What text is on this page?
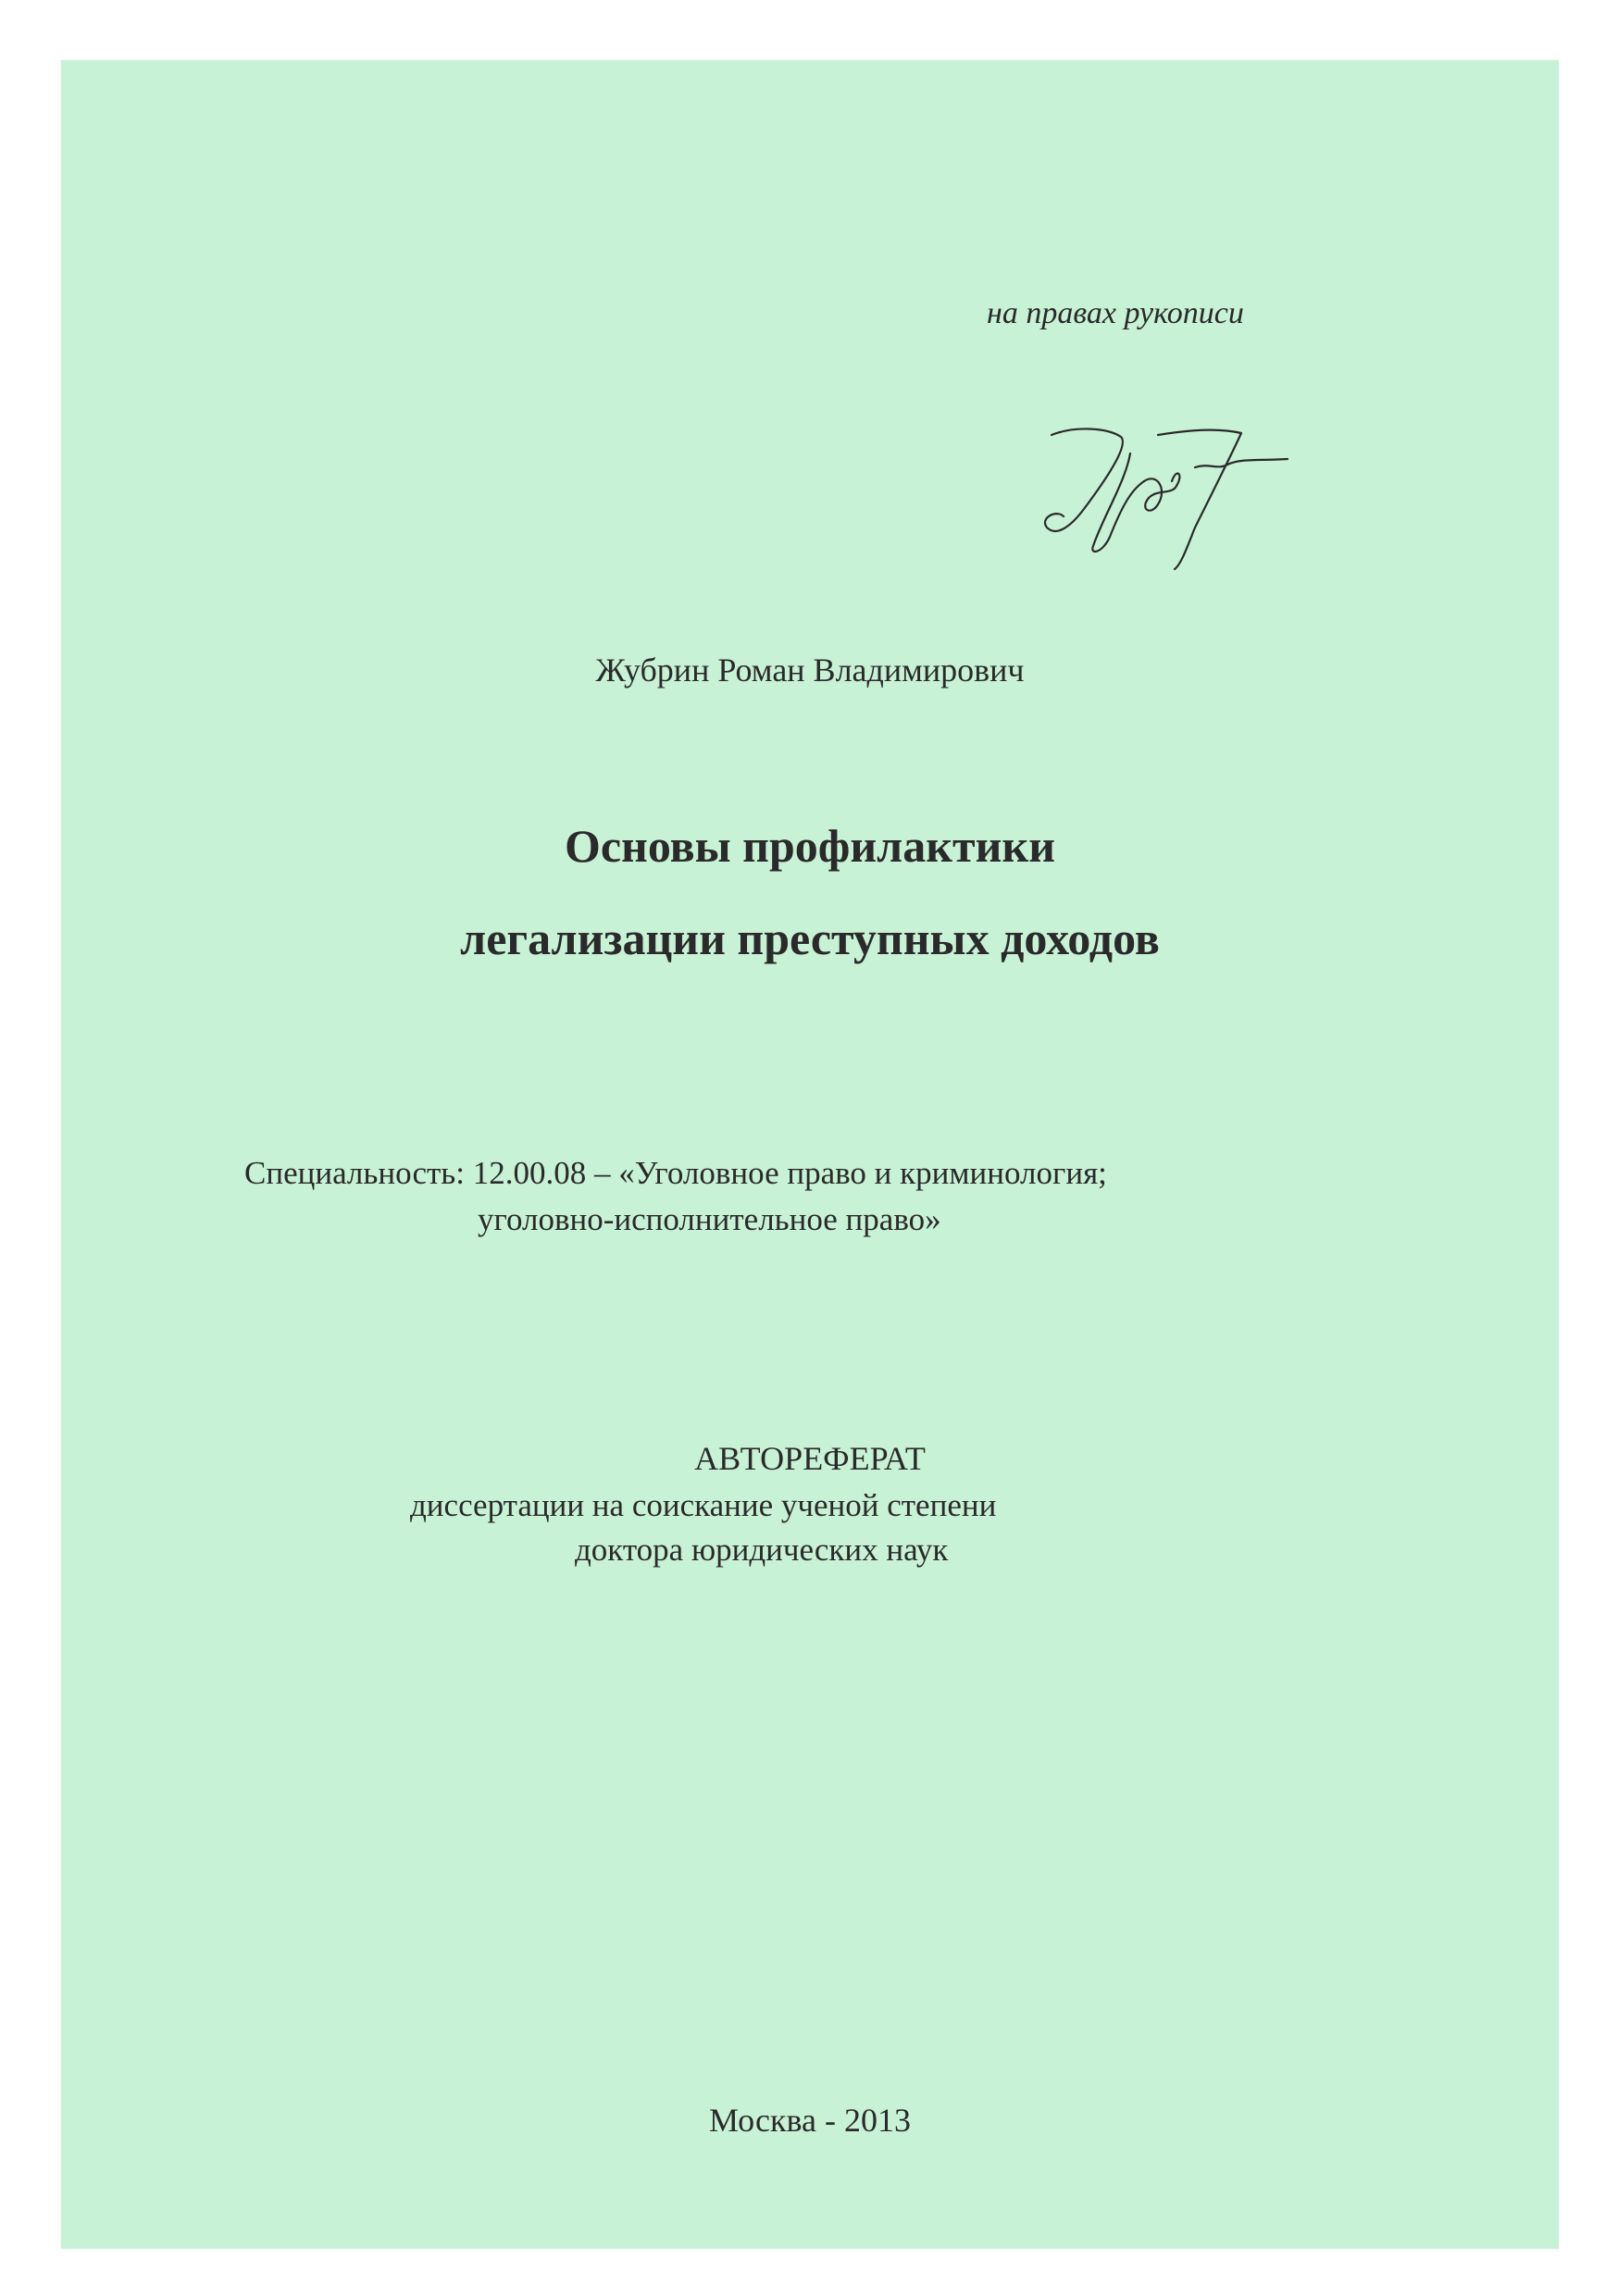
на правах рукописи
Жубрин Роман Владимирович
Основы профилактики
легализации преступных доходов
Специальность: 12.00.08 – «Уголовное право и криминология;
уголовно-исполнительное право»
АВТОРЕФЕРАТ
диссертации на соискание ученой степени
доктора юридических наук
Москва - 2013
